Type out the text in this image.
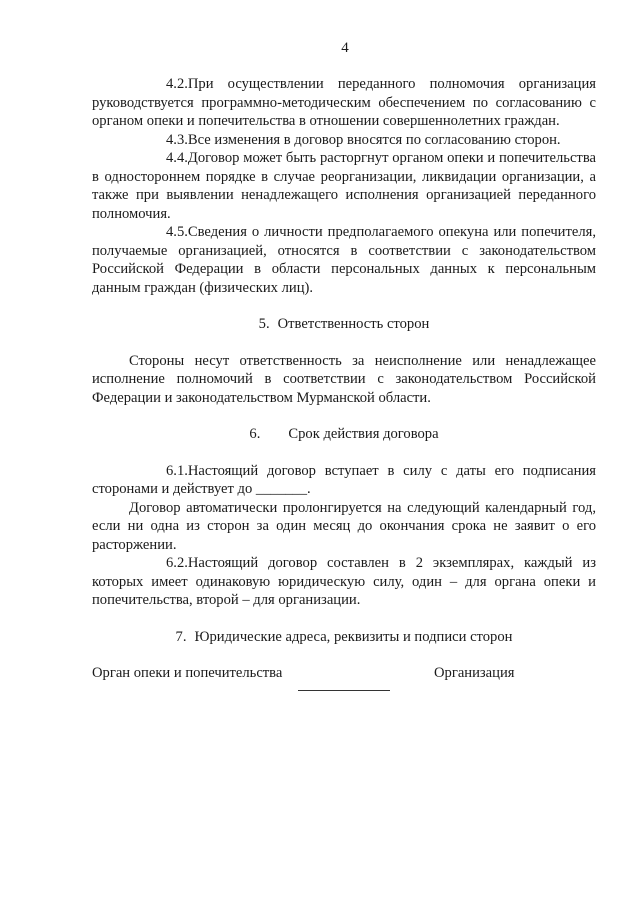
4

4.2.При осуществлении переданного полномочия организация руководствуется программно-методическим обеспечением по согласованию с органом опеки и попечительства в отношении совершеннолетних граждан.

4.3.Все изменения в договор вносятся по согласованию сторон.

4.4.Договор может быть расторгнут органом опеки и попечительства в одностороннем порядке в случае реорганизации, ликвидации организации, а также при выявлении ненадлежащего исполнения организацией переданного полномочия.

4.5.Сведения о личности предполагаемого опекуна или попечителя, получаемые организацией, относятся в соответствии с законодательством Российской Федерации в области персональных данных к персональным данным граждан (физических лиц).

5. Ответственность сторон

Стороны несут ответственность за неисполнение или ненадлежащее исполнение полномочий в соответствии с законодательством Российской Федерации и законодательством Мурманской области.

6. Срок действия договора

6.1.Настоящий договор вступает в силу с даты его подписания сторонами и действует до _______.

Договор автоматически пролонгируется на следующий календарный год, если ни одна из сторон за один месяц до окончания срока не заявит о его расторжении.

6.2.Настоящий договор составлен в 2 экземплярах, каждый из которых имеет одинаковую юридическую силу, один – для органа опеки и попечительства, второй – для организации.

7. Юридические адреса, реквизиты и подписи сторон

Орган опеки и попечительства	Организация
